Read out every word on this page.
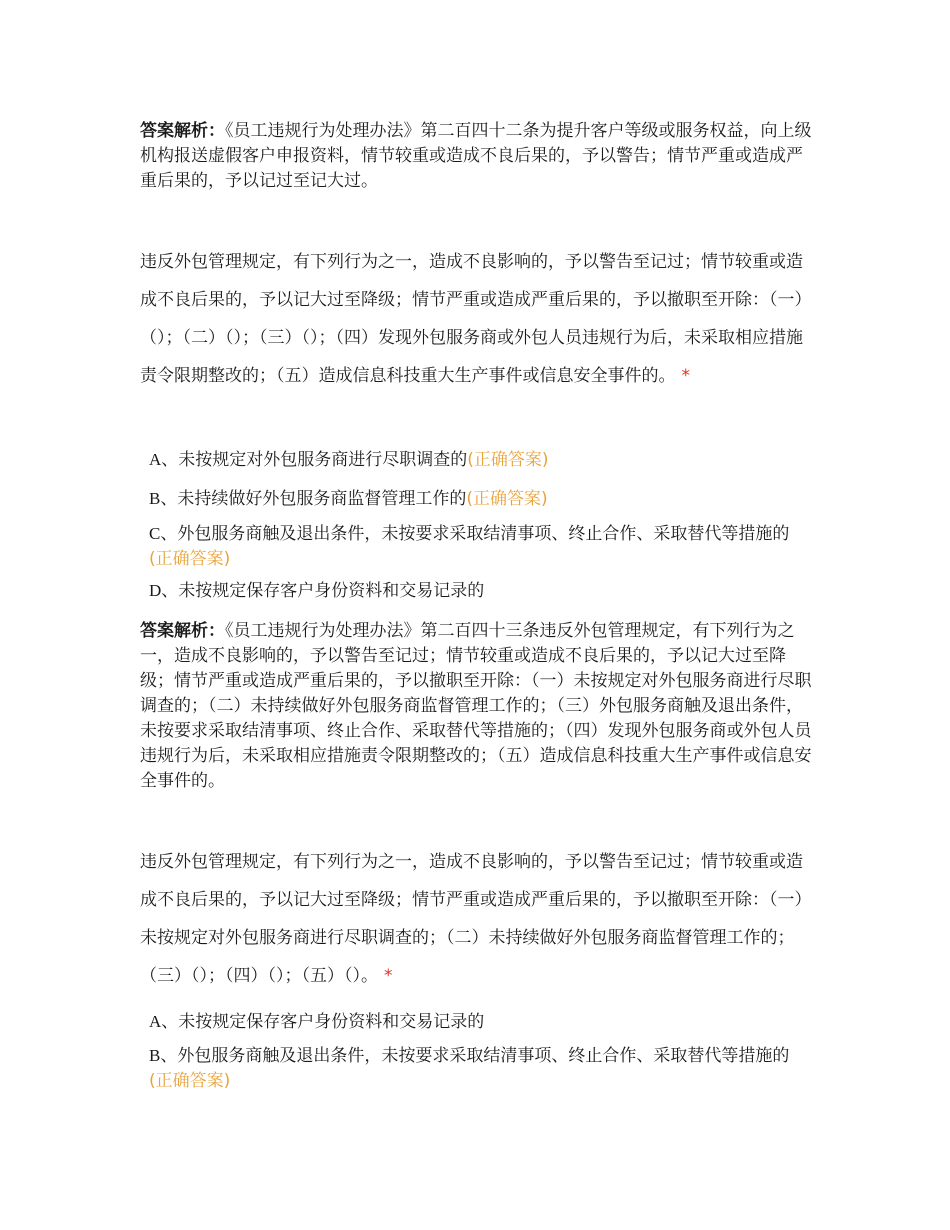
答案解析：《员工违规行为处理办法》第二百四十二条为提升客户等级或服务权益，向上级机构报送虚假客户申报资料，情节较重或造成不良后果的，予以警告；情节严重或造成严重后果的，予以记过至记大过。

违反外包管理规定，有下列行为之一，造成不良影响的，予以警告至记过；情节较重或造成不良后果的，予以记大过至降级；情节严重或造成严重后果的，予以撤职至开除：（一）（）；（二）（）；（三）（）；（四）发现外包服务商或外包人员违规行为后，未采取相应措施责令限期整改的；（五）造成信息科技重大生产事件或信息安全事件的。 *

A、未按规定对外包服务商进行尽职调查的(正确答案)
B、未持续做好外包服务商监督管理工作的(正确答案)
C、外包服务商触及退出条件，未按要求采取结清事项、终止合作、采取替代等措施的(正确答案)
D、未按规定保存客户身份资料和交易记录的

答案解析：《员工违规行为处理办法》第二百四十三条违反外包管理规定，有下列行为之一，造成不良影响的，予以警告至记过；情节较重或造成不良后果的，予以记大过至降级；情节严重或造成严重后果的，予以撤职至开除：（一）未按规定对外包服务商进行尽职调查的；（二）未持续做好外包服务商监督管理工作的；（三）外包服务商触及退出条件，未按要求采取结清事项、终止合作、采取替代等措施的；（四）发现外包服务商或外包人员违规行为后，未采取相应措施责令限期整改的；（五）造成信息科技重大生产事件或信息安全事件的。

违反外包管理规定，有下列行为之一，造成不良影响的，予以警告至记过；情节较重或造成不良后果的，予以记大过至降级；情节严重或造成严重后果的，予以撤职至开除：（一）未按规定对外包服务商进行尽职调查的；（二）未持续做好外包服务商监督管理工作的；（三）（）；（四）（）；（五）（）。 *

A、未按规定保存客户身份资料和交易记录的
B、外包服务商触及退出条件，未按要求采取结清事项、终止合作、采取替代等措施的(正确答案)
